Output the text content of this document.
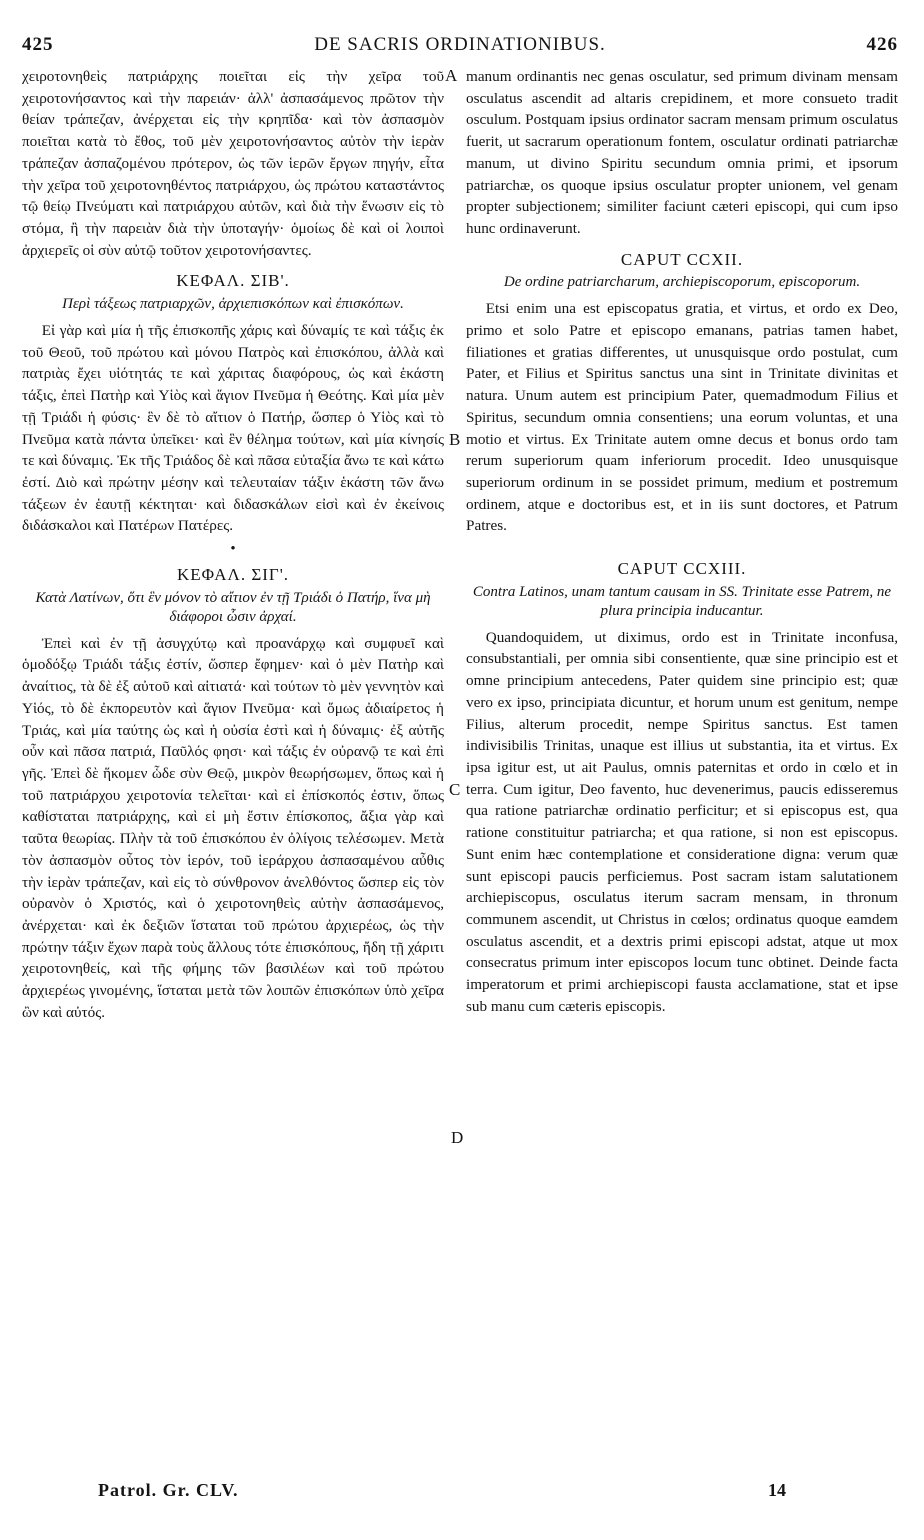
425	DE SACRIS ORDINATIONIBUS.	426

χειροτονηθεὶς πατριάρχης ποιεῖται εἰς τὴν χεῖρα τοῦ χειροτονήσαντος καὶ τὴν παρειάν· ἀλλ' ἀσπασάμενος πρῶτον τὴν θείαν τράπεζαν, ἀνέρχεται εἰς τὴν κρηπῖδα· καὶ τὸν ἀσπασμὸν ποιεῖται κατὰ τὸ ἔθος, τοῦ μὲν χειροτονήσαντος αὐτὸν τὴν ἱερὰν τράπεζαν ἀσπαζομένου πρότερον, ὡς τῶν ἱερῶν ἔργων πηγήν, εἶτα τὴν χεῖρα τοῦ χειροτονηθέντος πατριάρχου, ὡς πρώτου καταστάντος τῷ θείῳ Πνεύματι καὶ πατριάρχου αὐτῶν, καὶ διὰ τὴν ἕνωσιν εἰς τὸ στόμα, ἢ τὴν παρειὰν διὰ τὴν ὑποταγήν· ὁμοίως δὲ καὶ οἱ λοιποὶ ἀρχιερεῖς οἱ σὺν αὐτῷ τοῦτον χειροτονήσαντες.

ΚΕΦΑΛ. ΣΙΒ'.
Περὶ τάξεως πατριαρχῶν, ἀρχιεπισκόπων καὶ ἐπισκόπων.

Εἰ γὰρ καὶ μία ἡ τῆς ἐπισκοπῆς χάρις καὶ δύναμίς τε καὶ τάξις ἐκ τοῦ Θεοῦ, τοῦ πρώτου καὶ μόνου Πατρὸς καὶ ἐπισκόπου, ἀλλὰ καὶ πατριὰς ἔχει υἱότητάς τε καὶ χάριτας διαφόρους, ὡς καὶ ἑκάστη τάξις, ἐπεὶ Πατὴρ καὶ Υἱὸς καὶ ἅγιον Πνεῦμα ἡ Θεότης. Καὶ μία μὲν τῇ Τριάδι ἡ φύσις· ἓν δὲ τὸ αἴτιον ὁ Πατήρ, ὥσπερ ὁ Υἱὸς καὶ τὸ Πνεῦμα κατὰ πάντα ὑπεῖκει· καὶ ἓν θέλημα τούτων, καὶ μία κίνησίς τε καὶ δύναμις. Ἐκ τῆς Τριάδος δὲ καὶ πᾶσα εὐταξία ἄνω τε καὶ κάτω ἐστί. Διὸ καὶ πρώτην μέσην καὶ τελευταίαν τάξιν ἑκάστη τῶν ἄνω τάξεων ἐν ἑαυτῇ κέκτηται· καὶ διδασκάλων εἰσὶ καὶ ἐν ἐκείνοις διδάσκαλοι καὶ Πατέρων Πατέρες.

•
ΚΕΦΑΛ. ΣΙΓ'.
Κατὰ Λατίνων, ὅτι ἓν μόνον τὸ αἴτιον ἐν τῇ Τριάδι ὁ Πατήρ, ἵνα μὴ διάφοροι ὦσιν ἀρχαί.

Ἐπεὶ καὶ ἐν τῇ ἀσυγχύτῳ καὶ προανάρχῳ καὶ συμφυεῖ καὶ ὁμοδόξῳ Τριάδι τάξις ἐστίν, ὥσπερ ἔφημεν· καὶ ὁ μὲν Πατὴρ καὶ ἀναίτιος, τὰ δὲ ἐξ αὐτοῦ καὶ αἰτιατά· καὶ τούτων τὸ μὲν γεννητὸν καὶ Υἱός, τὸ δὲ ἐκπορευτὸν καὶ ἅγιον Πνεῦμα· καὶ ὅμως ἀδιαίρετος ἡ Τριάς, καὶ μία ταύτης ὡς καὶ ἡ οὐσία ἐστὶ καὶ ἡ δύναμις· ἐξ αὐτῆς οὖν καὶ πᾶσα πατριά, Παῦλός φησι· καὶ τάξις ἐν οὐρανῷ τε καὶ ἐπὶ γῆς. Ἐπεὶ δὲ ἥκομεν ὧδε σὺν Θεῷ, μικρὸν θεωρήσωμεν, ὅπως καὶ ἡ τοῦ πατριάρχου χειροτονία τελεῖται· καὶ εἰ ἐπίσκοπός ἐστιν, ὅπως καθίσταται πατριάρχης, καὶ εἰ μὴ ἔστιν ἐπίσκοπος, ἄξια γὰρ καὶ ταῦτα θεωρίας. Πλὴν τὰ τοῦ ἐπισκόπου ἐν ὀλίγοις τελέσωμεν. Μετὰ τὸν ἀσπασμὸν οὗτος τὸν ἱερόν, τοῦ ἱεράρχου ἀσπασαμένου αὖθις τὴν ἱερὰν τράπεζαν, καὶ εἰς τὸ σύνθρονον ἀνελθόντος ὥσπερ εἰς τὸν οὐρανὸν ὁ Χριστός, καὶ ὁ χειροτονηθεὶς αὐτὴν ἀσπασάμενος, ἀνέρχεται· καὶ ἐκ δεξιῶν ἵσταται τοῦ πρώτου ἀρχιερέως, ὡς τὴν πρώτην τάξιν ἔχων παρὰ τοὺς ἄλλους τότε ἐπισκόπους, ἤδη τῇ χάριτι χειροτονηθείς, καὶ τῆς φήμης τῶν βασιλέων καὶ τοῦ πρώτου ἀρχιερέως γινομένης, ἵσταται μετὰ τῶν λοιπῶν ἐπισκόπων ὑπὸ χεῖρα ὢν καὶ αὐτός.

manum ordinantis nec genas osculatur, sed primum divinam mensam osculatus ascendit ad altaris crepidinem, et more consueto tradit osculum. Postquam ipsius ordinator sacram mensam primum osculatus fuerit, ut sacrarum operationum fontem, osculatur ordinati patriarchæ manum, ut divino Spiritu secundum omnia primi, et ipsorum patriarchæ, os quoque ipsius osculatur propter unionem, vel genam propter subjectionem; similiter faciunt cæteri episcopi, qui cum ipso hunc ordinaverunt.

CAPUT CCXII.
De ordine patriarcharum, archiepiscoporum, episcoporum.

Etsi enim una est episcopatus gratia, et virtus, et ordo ex Deo, primo et solo Patre et episcopo emanans, patrias tamen habet, filiationes et gratias differentes, ut unusquisque ordo postulat, cum Pater, et Filius et Spiritus sanctus una sint in Trinitate divinitas et natura. Unum autem est principium Pater, quemadmodum Filius et Spiritus, secundum omnia consentiens; una eorum voluntas, et una motio et virtus. Ex Trinitate autem omne decus et bonus ordo tam rerum superiorum quam inferiorum procedit. Ideo unusquisque superiorum ordinum in se possidet primum, medium et postremum ordinem, atque e doctoribus est, et in iis sunt doctores, et Patrum Patres.

CAPUT CCXIII.
Contra Latinos, unam tantum causam in SS. Trinitate esse Patrem, ne plura principia inducantur.

Quandoquidem, ut diximus, ordo est in Trinitate inconfusa, consubstantiali, per omnia sibi consentiente, quæ sine principio est et omne principium antecedens, Pater quidem sine principio est; quæ vero ex ipso, principiata dicuntur, et horum unum est genitum, nempe Filius, alterum procedit, nempe Spiritus sanctus. Est tamen indivisibilis Trinitas, unaque est illius ut substantia, ita et virtus. Ex ipsa igitur est, ut ait Paulus, omnis paternitas et ordo in cœlo et in terra. Cum igitur, Deo favento, huc devenerimus, paucis edisseremus qua ratione patriarchæ ordinatio perficitur; et si episcopus est, qua ratione constituitur patriarcha; et qua ratione, si non est episcopus. Sunt enim hæc contemplatione et consideratione digna: verum quæ sunt episcopi paucis perficiemus. Post sacram istam salutationem archiepiscopus, osculatus iterum sacram mensam, in thronum communem ascendit, ut Christus in cœlos; ordinatus quoque eamdem osculatus ascendit, et a dextris primi episcopi adstat, atque ut mox consecratus primum inter episcopos locum tunc obtinet. Deinde facta imperatorum et primi archiepiscopi fausta acclamatione, stat et ipse sub manu cum cæteris episcopis.

A
B
C
D
Patrol. Gr. CLV.	14
